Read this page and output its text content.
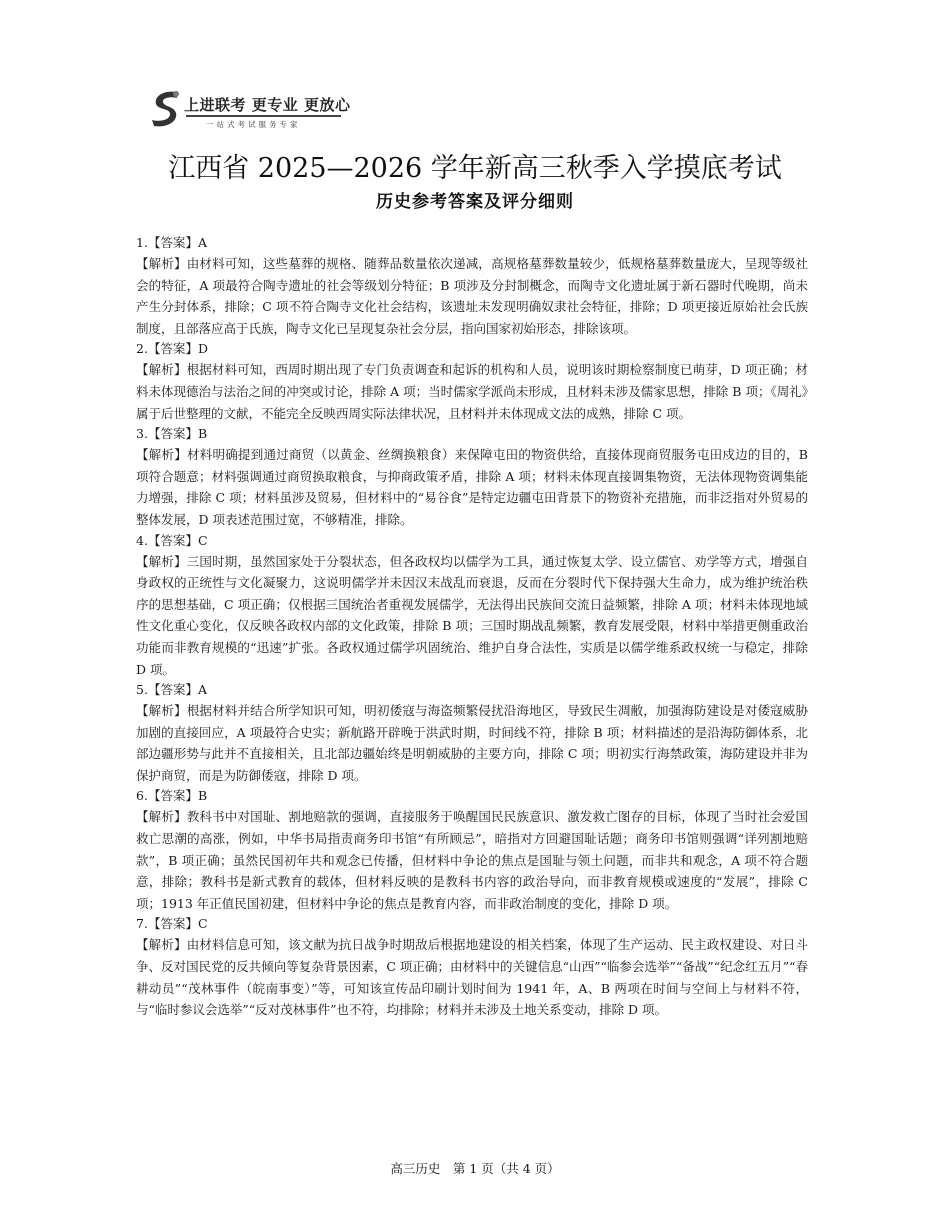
上进联考 更专业 更放心
一站式考试服务专家
江西省 2025—2026 学年新高三秋季入学摸底考试
历史参考答案及评分细则
1.【答案】A

【解析】由材料可知，这些墓葬的规格、随葬品数量依次递减，高规格墓葬数量较少，低规格墓葬数量庞大，呈现等级社会的特征，A 项最符合陶寺遗址的社会等级划分特征；B 项涉及分封制概念，而陶寺文化遗址属于新石器时代晚期，尚未产生分封体系，排除；C 项不符合陶寺文化社会结构，该遗址未发现明确奴隶社会特征，排除；D 项更接近原始社会氏族制度，且部落应高于氏族，陶寺文化已呈现复杂社会分层，指向国家初始形态，排除该项。

2.【答案】D

【解析】根据材料可知，西周时期出现了专门负责调查和起诉的机构和人员，说明该时期检察制度已萌芽，D 项正确；材料未体现德治与法治之间的冲突或讨论，排除 A 项；当时儒家学派尚未形成，且材料未涉及儒家思想，排除 B 项；《周礼》属于后世整理的文献，不能完全反映西周实际法律状况，且材料并未体现成文法的成熟，排除 C 项。

3.【答案】B

【解析】材料明确提到通过商贸（以黄金、丝绸换粮食）来保障屯田的物资供给，直接体现商贸服务屯田戍边的目的，B 项符合题意；材料强调通过商贸换取粮食，与抑商政策矛盾，排除 A 项；材料未体现直接调集物资，无法体现物资调集能力增强，排除 C 项；材料虽涉及贸易，但材料中的“易谷食”是特定边疆屯田背景下的物资补充措施，而非泛指对外贸易的整体发展，D 项表述范围过宽，不够精准，排除。

4.【答案】C

【解析】三国时期，虽然国家处于分裂状态，但各政权均以儒学为工具，通过恢复太学、设立儒官、劝学等方式，增强自身政权的正统性与文化凝聚力，这说明儒学并未因汉末战乱而衰退，反而在分裂时代下保持强大生命力，成为维护统治秩序的思想基础，C 项正确；仅根据三国统治者重视发展儒学，无法得出民族间交流日益频繁，排除 A 项；材料未体现地域性文化重心变化，仅反映各政权内部的文化政策，排除 B 项；三国时期战乱频繁，教育发展受限，材料中举措更侧重政治功能而非教育规模的“迅速”扩张。各政权通过儒学巩固统治、维护自身合法性，实质是以儒学维系政权统一与稳定，排除 D 项。

5.【答案】A

【解析】根据材料并结合所学知识可知，明初倭寇与海盗频繁侵扰沿海地区，导致民生凋敝，加强海防建设是对倭寇威胁加剧的直接回应，A 项最符合史实；新航路开辟晚于洪武时期，时间线不符，排除 B 项；材料描述的是沿海防御体系，北部边疆形势与此并不直接相关，且北部边疆始终是明朝威胁的主要方向，排除 C 项；明初实行海禁政策，海防建设并非为保护商贸，而是为防御倭寇，排除 D 项。

6.【答案】B

【解析】教科书中对国耻、割地赔款的强调，直接服务于唤醒国民民族意识、激发救亡图存的目标，体现了当时社会爱国救亡思潮的高涨，例如，中华书局指责商务印书馆“有所顾忌”，暗指对方回避国耻话题；商务印书馆则强调“详列割地赔款”，B 项正确；虽然民国初年共和观念已传播，但材料中争论的焦点是国耻与领土问题，而非共和观念，A 项不符合题意，排除；教科书是新式教育的载体，但材料反映的是教科书内容的政治导向，而非教育规模或速度的“发展”，排除 C 项；1913 年正值民国初建，但材料中争论的焦点是教育内容，而非政治制度的变化，排除 D 项。

7.【答案】C

【解析】由材料信息可知，该文献为抗日战争时期敌后根据地建设的相关档案，体现了生产运动、民主政权建设、对日斗争、反对国民党的反共倾向等复杂背景因素，C 项正确；由材料中的关键信息“山西”“临参会选举”“备战”“纪念红五月”“春耕动员”“茂林事件（皖南事变）”等，可知该宣传品印刷计划时间为 1941 年，A、B 两项在时间与空间上与材料不符，与“临时参议会选举”“反对茂林事件”也不符，均排除；材料并未涉及土地关系变动，排除 D 项。

高三历史　第 1 页（共 4 页）
